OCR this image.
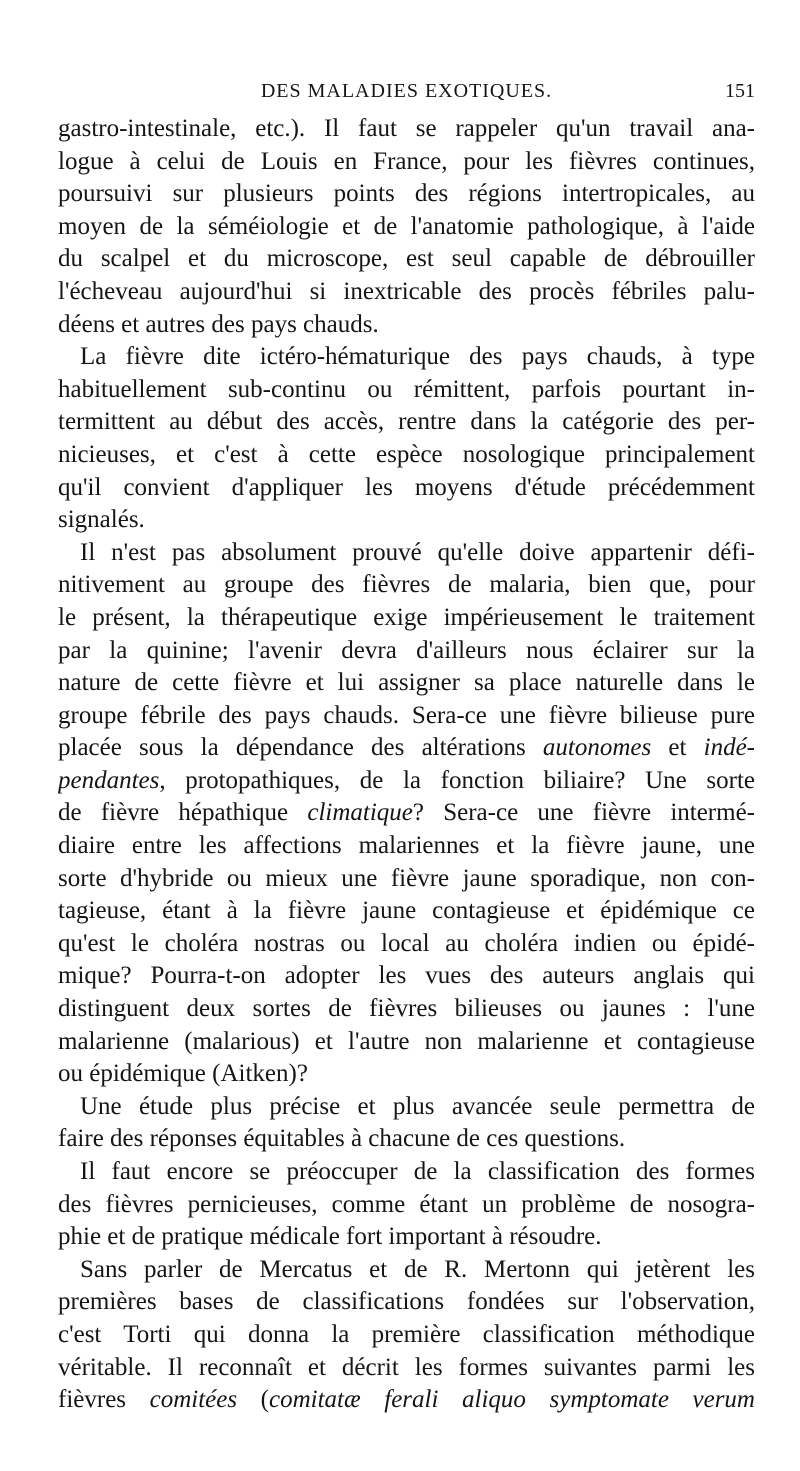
DES MALADIES EXOTIQUES.	151
gastro-intestinale, etc.). Il faut se rappeler qu'un travail ana-
logue à celui de Louis en France, pour les fièvres continues,
poursuivi sur plusieurs points des régions intertropicales, au
moyen de la séméiologie et de l'anatomie pathologique, à l'aide
du scalpel et du microscope, est seul capable de débrouiller
l'écheveau aujourd'hui si inextricable des procès fébriles palu-
déens et autres des pays chauds.
La fièvre dite ictéro-hématurique des pays chauds, à type
habituellement sub-continu ou rémittent, parfois pourtant in-
termittent au début des accès, rentre dans la catégorie des per-
nicieuses, et c'est à cette espèce nosologique principalement
qu'il convient d'appliquer les moyens d'étude précédemment
signalés.
Il n'est pas absolument prouvé qu'elle doive appartenir défi-
nitivement au groupe des fièvres de malaria, bien que, pour
le présent, la thérapeutique exige impérieusement le traitement
par la quinine; l'avenir devra d'ailleurs nous éclairer sur la
nature de cette fièvre et lui assigner sa place naturelle dans le
groupe fébrile des pays chauds. Sera-ce une fièvre bilieuse pure
placée sous la dépendance des altérations autonomes et indé-
pendantes, protopathiques, de la fonction biliaire? Une sorte
de fièvre hépathique climatique? Sera-ce une fièvre intermé-
diaire entre les affections malariennes et la fièvre jaune, une
sorte d'hybride ou mieux une fièvre jaune sporadique, non con-
tagieuse, étant à la fièvre jaune contagieuse et épidémique ce
qu'est le choléra nostras ou local au choléra indien ou épidé-
mique? Pourra-t-on adopter les vues des auteurs anglais qui
distinguent deux sortes de fièvres bilieuses ou jaunes : l'une
malarienne (malarious) et l'autre non malarienne et contagieuse
ou épidémique (Aitken)?
Une étude plus précise et plus avancée seule permettra de
faire des réponses équitables à chacune de ces questions.
Il faut encore se préoccuper de la classification des formes
des fièvres pernicieuses, comme étant un problème de nosogra-
phie et de pratique médicale fort important à résoudre.
Sans parler de Mercatus et de R. Mertonn qui jetèrent les
premières bases de classifications fondées sur l'observation,
c'est Torti qui donna la première classification méthodique
véritable. Il reconnaît et décrit les formes suivantes parmi les
fièvres comitées (comitatæ ferali aliquo symptomate verum
